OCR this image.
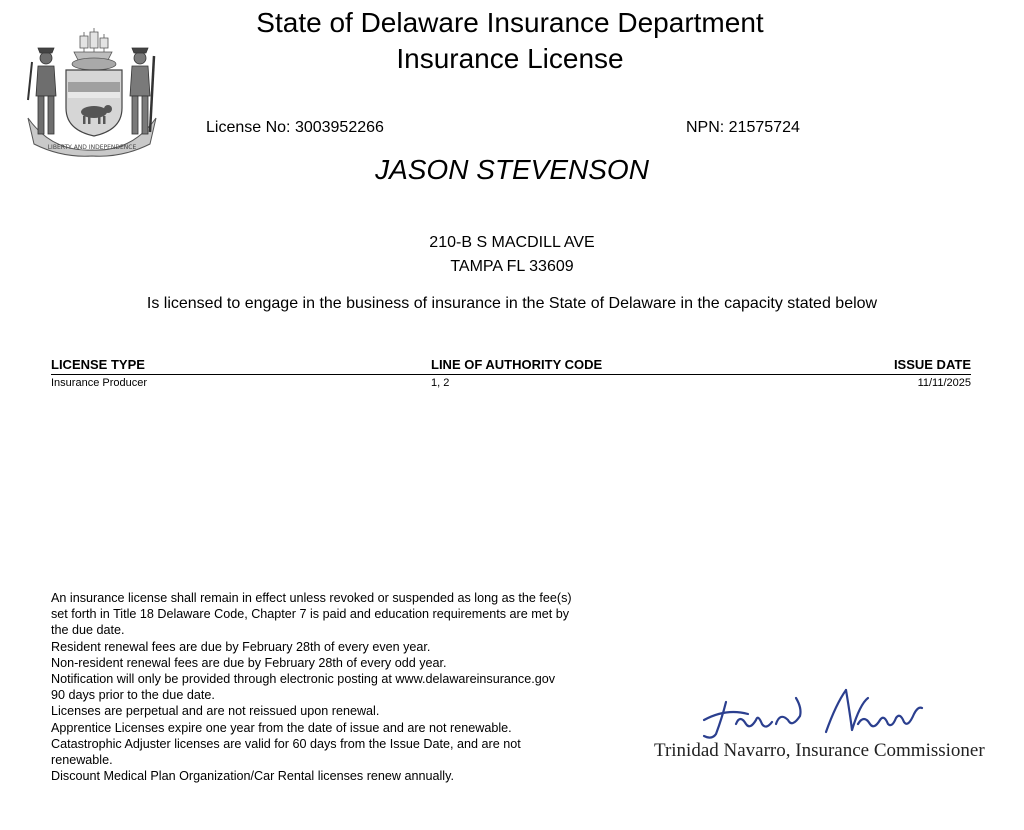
LIBERTY AND INDEPENDENCE
State of Delaware Insurance Department
Insurance License
License No: 3003952266	NPN: 21575724
JASON STEVENSON
210-B S MACDILL AVE
TAMPA FL 33609
Is licensed to engage in the business of insurance in the State of Delaware in the capacity stated below
LICENSE TYPE	LINE OF AUTHORITY CODE	ISSUE DATE
Insurance Producer	1, 2	11/11/2025
An insurance license shall remain in effect unless revoked or suspended as long as the fee(s)
set forth in Title 18 Delaware Code, Chapter 7 is paid and education requirements are met by
the due date.
Resident renewal fees are due by February 28th of every even year.
Non-resident renewal fees are due by February 28th of every odd year.
Notification will only be provided through electronic posting at www.delawareinsurance.gov
90 days prior to the due date.
Licenses are perpetual and are not reissued upon renewal.
Apprentice Licenses expire one year from the date of issue and are not renewable.
Catastrophic Adjuster licenses are valid for 60 days from the Issue Date, and are not
renewable.
Discount Medical Plan Organization/Car Rental licenses renew annually.
Trinidad Navarro, Insurance Commissioner
